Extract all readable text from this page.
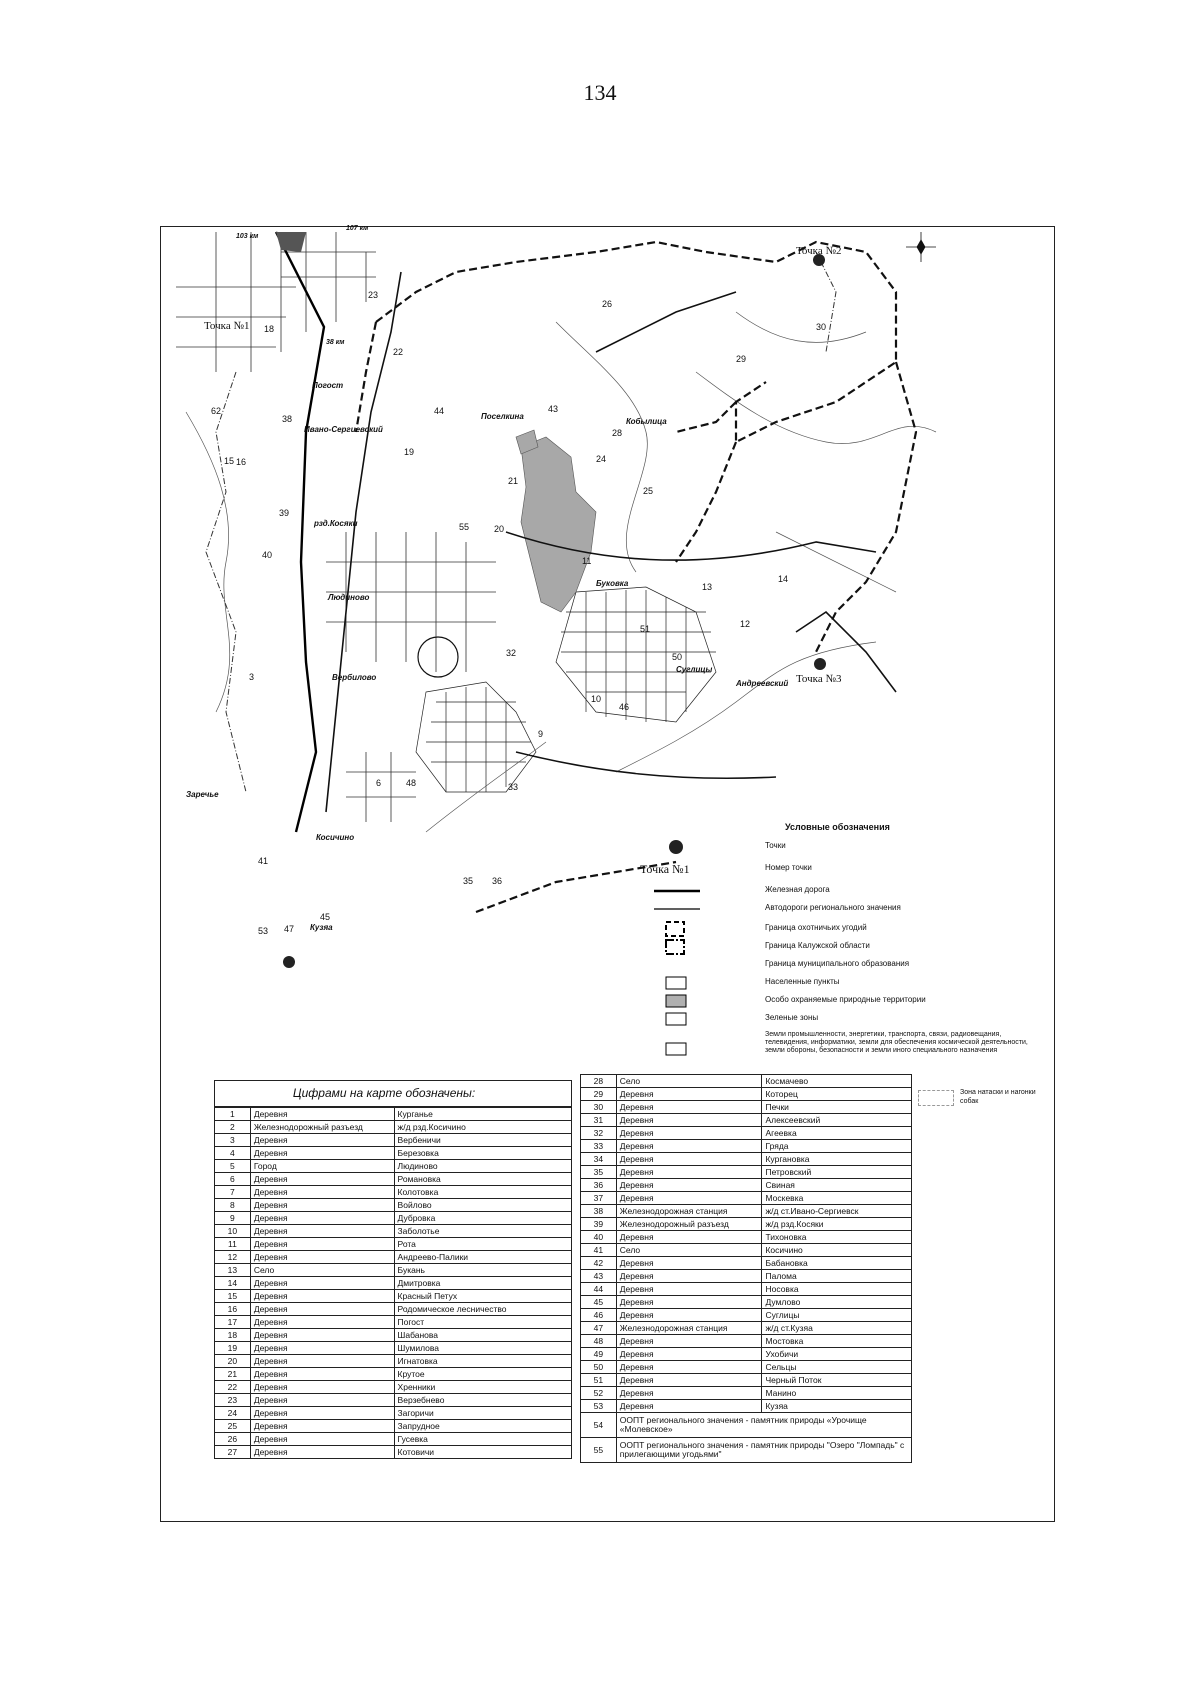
134
Точка №2
Точка №3
Точка №1
Погост
Ивано-Сергиевский
рзд.Косяки
Людиново
Вербилово
Косичино
Кузяа
Заречье
Поселкина
Кобылица
Суглицы
Андреевский
Буковка
107 км
103 км
38 км
18
38
62
15 16
39
40
22
44	43
19
23
26
28
30
29
24
25
21
20
11
13
14
51	12
50
32
10
46
9
3
53
41
47
45
6	48	33
35 36
55
Условные обозначения
Точки
Точка №1	Номер точки
Железная дорога
Автодороги регионального значения
Граница охотничьих угодий
Граница Калужской области
Граница муниципального образования
Населенные пункты
Особо охраняемые природные территории
Зеленые зоны
Земли промышленности, энергетики, транспорта, связи, радиовещания, телевидения, информатики, земли для обеспечения космической деятельности, земли обороны, безопасности и земли иного специального назначения
Зона натаски и нагонки собак
Цифрами на карте обозначены:
1	Деревня	Курганье
2	Железнодорожный разъезд	ж/д рзд.Косичино
3	Деревня	Вербеничи
4	Деревня	Березовка
5	Город	Людиново
6	Деревня	Романовка
7	Деревня	Колотовка
8	Деревня	Войлово
9	Деревня	Дубровка
10	Деревня	Заболотье
11	Деревня	Рота
12	Деревня	Андреево-Палики
13	Село	Букань
14	Деревня	Дмитровка
15	Деревня	Красный Петух
16	Деревня	Родомическое лесничество
17	Деревня	Погост
18	Деревня	Шабанова
19	Деревня	Шумилова
20	Деревня	Игнатовка
21	Деревня	Крутое
22	Деревня	Хренники
23	Деревня	Верзебнево
24	Деревня	Загоричи
25	Деревня	Запрудное
26	Деревня	Гусевка
27	Деревня	Котовичи
28	Село	Космачево
29	Деревня	Которец
30	Деревня	Печки
31	Деревня	Алексеевский
32	Деревня	Агеевка
33	Деревня	Гряда
34	Деревня	Кургановка
35	Деревня	Петровский
36	Деревня	Свиная
37	Деревня	Москевка
38	Железнодорожная станция	ж/д ст.Ивано-Сергиевск
39	Железнодорожный разъезд	ж/д рзд.Косяки
40	Деревня	Тихоновка
41	Село	Косичино
42	Деревня	Бабановка
43	Деревня	Палома
44	Деревня	Носовка
45	Деревня	Думлово
46	Деревня	Суглицы
47	Железнодорожная станция	ж/д ст.Кузяа
48	Деревня	Мостовка
49	Деревня	Ухобичи
50	Деревня	Сельцы
51	Деревня	Черный Поток
52	Деревня	Манино
53	Деревня	Кузяа
54	ООПТ регионального значения - памятник природы «Урочище «Молевское»	
55	ООПТ регионального значения - памятник природы "Озеро "Ломпадь" с прилегающими угодьями"	
